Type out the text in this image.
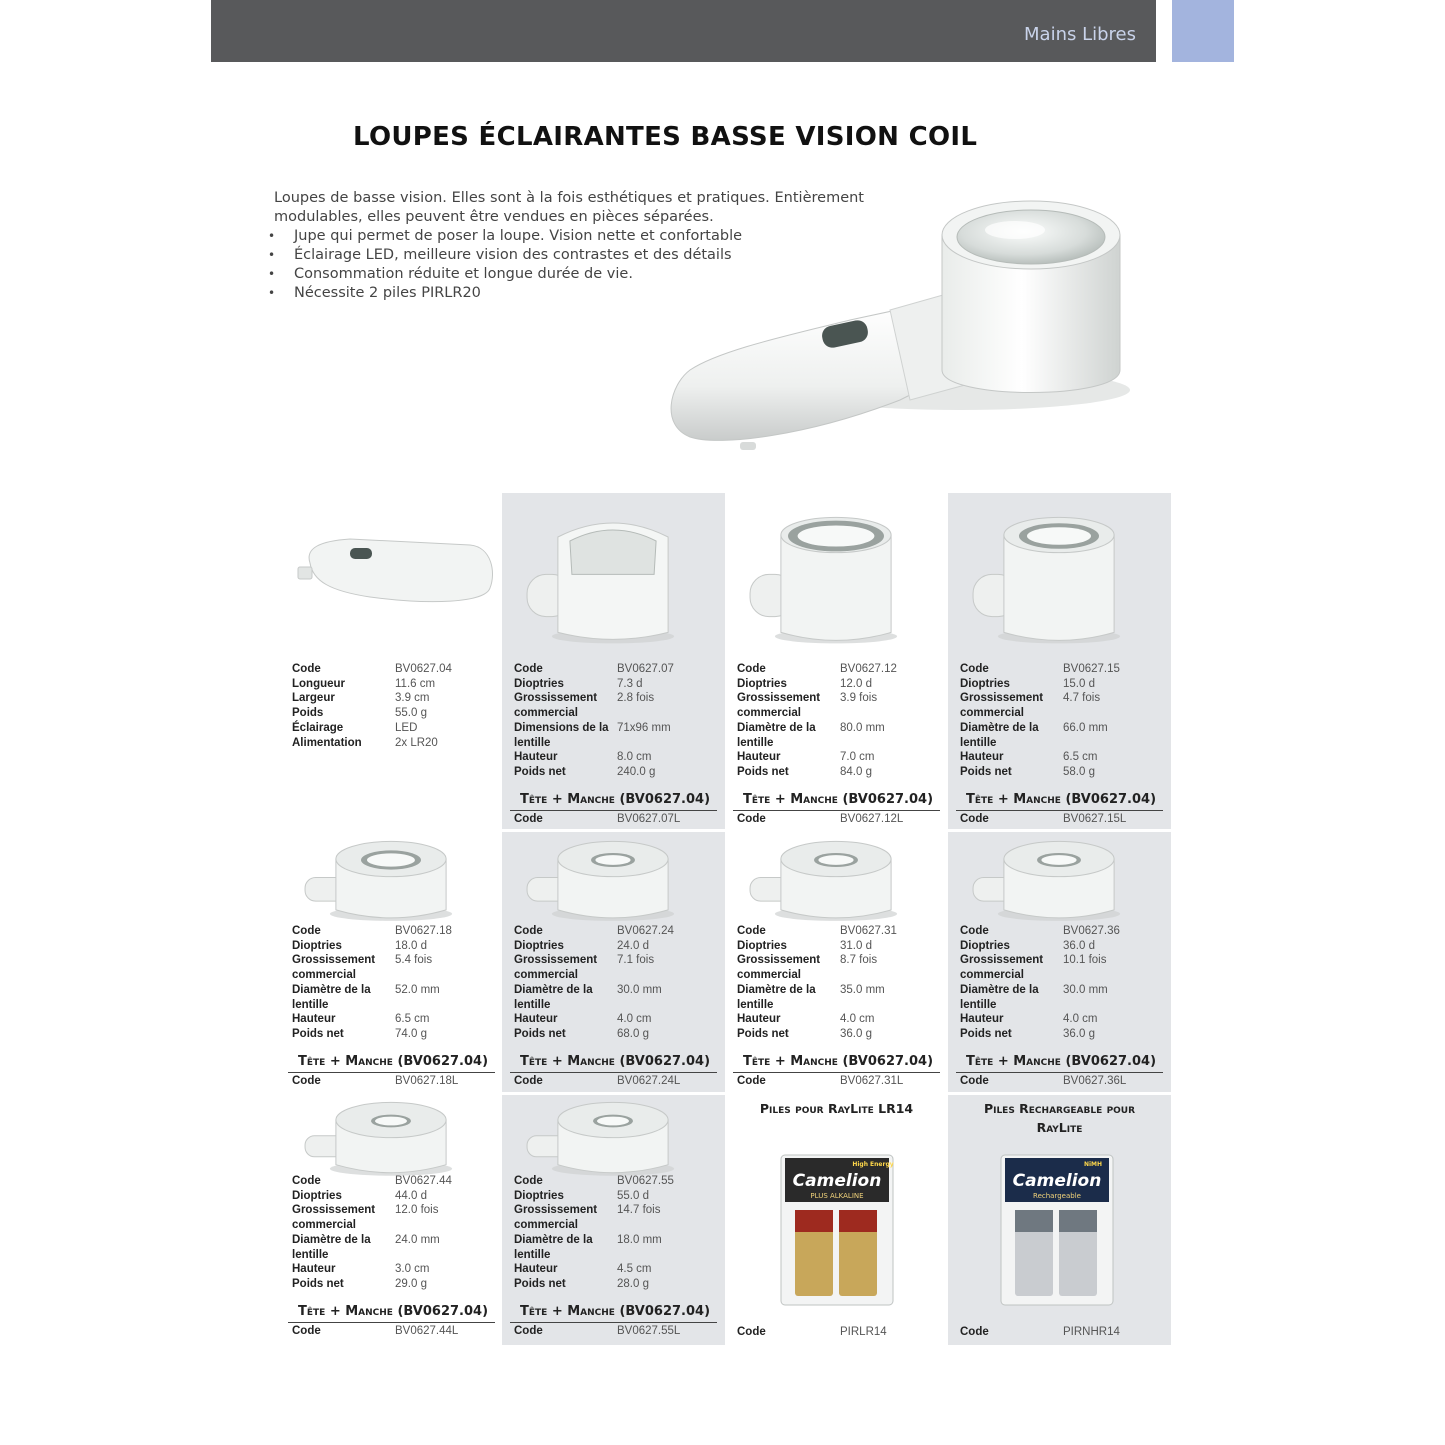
Mains Libres
LOUPES ÉCLAIRANTES BASSE VISION COIL
Loupes de basse vision. Elles sont à la fois esthétiques et pratiques. Entièrement modulables, elles peuvent être vendues en pièces séparées.
• Jupe qui permet de poser la loupe. Vision nette et confortable
• Éclairage LED, meilleure vision des contrastes et des détails
• Consommation réduite et longue durée de vie.
• Nécessite 2 piles PIRLR20
Code	BV0627.04
Longueur	11.6 cm
Largeur	3.9 cm
Poids	55.0 g
Éclairage	LED
Alimentation	2x LR20
Code	BV0627.07
Dioptries	7.3 d
Grossissement	2.8 fois
commercial
Dimensions de la 71x96 mm
lentille
Hauteur	8.0 cm
Poids net	240.0 g
Tête + Manche (BV0627.04)
Code	BV0627.07L
Code	BV0627.12
Dioptries	12.0 d
Grossissement	3.9 fois
commercial
Diamètre de la	80.0 mm
lentille
Hauteur	7.0 cm
Poids net	84.0 g
Tête + Manche (BV0627.04)
Code	BV0627.12L
Code	BV0627.15
Dioptries	15.0 d
Grossissement	4.7 fois
commercial
Diamètre de la	66.0 mm
lentille
Hauteur	6.5 cm
Poids net	58.0 g
Tête + Manche (BV0627.04)
Code	BV0627.15L
Code	BV0627.18
Dioptries	18.0 d
Grossissement	5.4 fois
commercial
Diamètre de la	52.0 mm
lentille
Hauteur	6.5 cm
Poids net	74.0 g
Tête + Manche (BV0627.04)
Code	BV0627.18L
Code	BV0627.24
Dioptries	24.0 d
Grossissement	7.1 fois
commercial
Diamètre de la	30.0 mm
lentille
Hauteur	4.0 cm
Poids net	68.0 g
Tête + Manche (BV0627.04)
Code	BV0627.24L
Code	BV0627.31
Dioptries	31.0 d
Grossissement	8.7 fois
commercial
Diamètre de la	35.0 mm
lentille
Hauteur	4.0 cm
Poids net	36.0 g
Tête + Manche (BV0627.04)
Code	BV0627.31L
Code	BV0627.36
Dioptries	36.0 d
Grossissement	10.1 fois
commercial
Diamètre de la	30.0 mm
lentille
Hauteur	4.0 cm
Poids net	36.0 g
Tête + Manche (BV0627.04)
Code	BV0627.36L
Code	BV0627.44
Dioptries	44.0 d
Grossissement	12.0 fois
commercial
Diamètre de la	24.0 mm
lentille
Hauteur	3.0 cm
Poids net	29.0 g
Tête + Manche (BV0627.04)
Code	BV0627.44L
Code	BV0627.55
Dioptries	55.0 d
Grossissement	14.7 fois
commercial
Diamètre de la	18.0 mm
lentille
Hauteur	4.5 cm
Poids net	28.0 g
Tête + Manche (BV0627.04)
Code	BV0627.55L
Piles pour RayLite LR14
Camelion
PLUS ALKALINE
High Energy
Code	PIRLR14
Piles Rechargeable pour
RayLite
Camelion
Rechargeable
NiMH
Code	PIRNHR14
